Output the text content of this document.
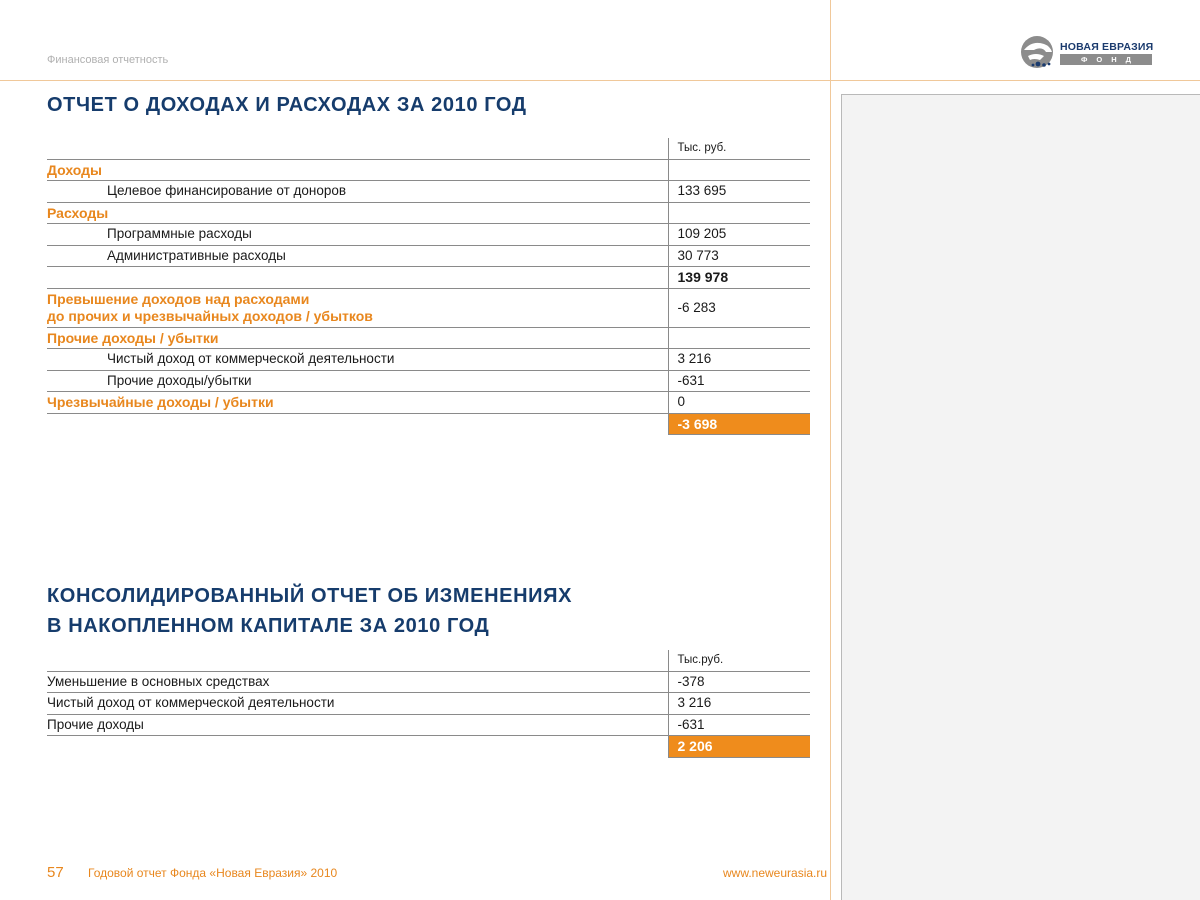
Финансовая отчетность
НОВАЯ ЕВРАЗИЯ
ФОНД
ОТЧЕТ О ДОХОДАХ И РАСХОДАХ ЗА 2010 ГОД
	Тыс. руб.
Доходы	
Целевое финансирование от доноров	133 695
Расходы	
Программные расходы	109 205
Административные расходы	30 773
	139 978

Превышение доходов над расходами
до прочих и чрезвычайных доходов / убытков	-6 283
Прочие доходы / убытки	
Чистый доход от коммерческой деятельности	3 216
Прочие доходы/убытки	-631
Чрезвычайные доходы / убытки	0
	-3 698
КОНСОЛИДИРОВАННЫЙ ОТЧЕТ ОБ ИЗМЕНЕНИЯХ
В НАКОПЛЕННОМ КАПИТАЛЕ ЗА 2010 ГОД
	Тыс.руб.
Уменьшение в основных средствах	-378
Чистый доход от коммерческой деятельности	3 216
Прочие доходы	-631
	2 206
57 Годовой отчет Фонда «Новая Евразия» 2010	www.neweurasia.ru
